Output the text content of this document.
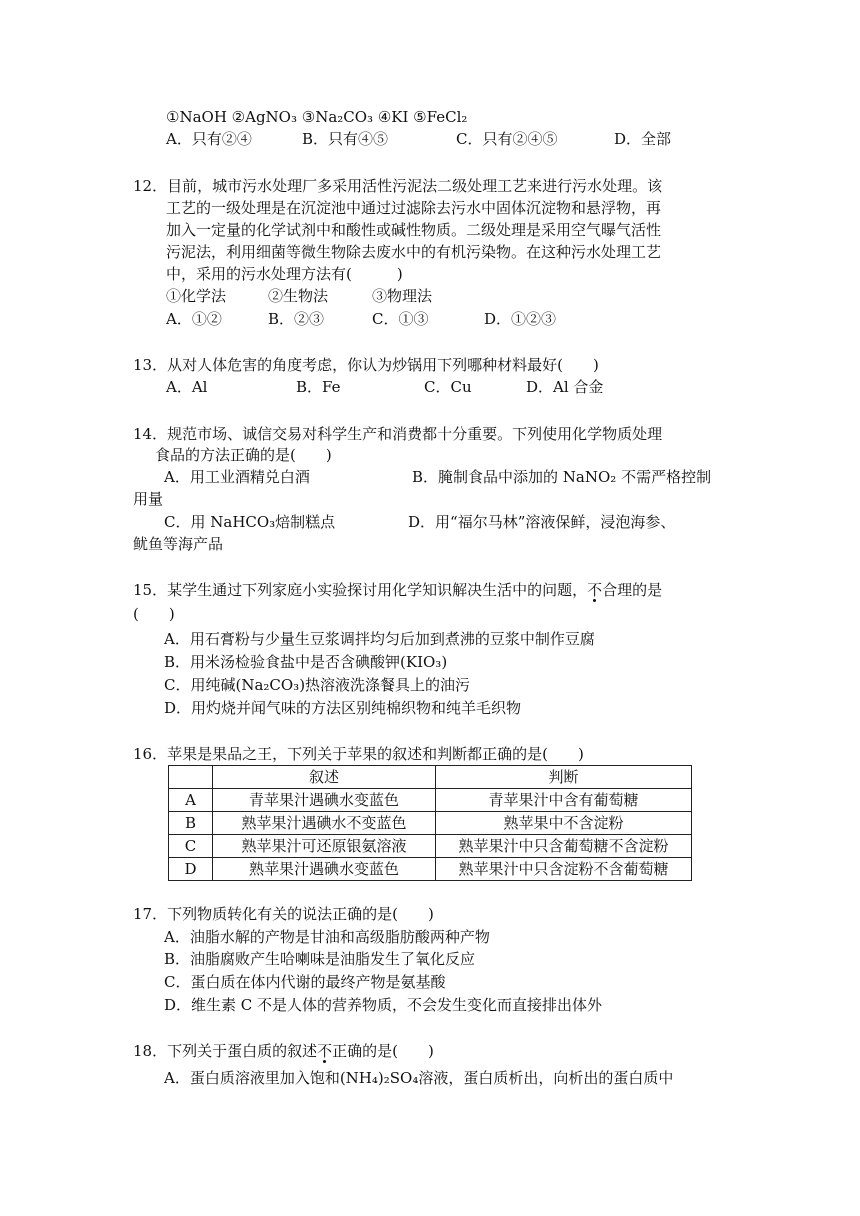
①NaOH ②AgNO₃ ③Na₂CO₃ ④KI ⑤FeCl₂
A．只有②④	B．只有④⑤	C．只有②④⑤	D．全部
12．目前，城市污水处理厂多采用活性污泥法二级处理工艺来进行污水处理。该
工艺的一级处理是在沉淀池中通过过滤除去污水中固体沉淀物和悬浮物，再
加入一定量的化学试剂中和酸性或碱性物质。二级处理是采用空气曝气活性
污泥法，利用细菌等微生物除去废水中的有机污染物。在这种污水处理工艺
中，采用的污水处理方法有(　　　)
①化学法	②生物法	③物理法
A．①②	B．②③	C．①③	D．①②③
13．从对人体危害的角度考虑，你认为炒锅用下列哪种材料最好(　　)
A．Al	B．Fe	C．Cu	D．Al 合金
14．规范市场、诚信交易对科学生产和消费都十分重要。下列使用化学物质处理
食品的方法正确的是(　　)
A．用工业酒精兑白酒	B．腌制食品中添加的 NaNO₂ 不需严格控制
用量
C．用 NaHCO₃焙制糕点	D．用“福尔马林”溶液保鲜，浸泡海参、
鱿鱼等海产品
15．某学生通过下列家庭小实验探讨用化学知识解决生活中的问题，不合理的是
(　　)
A．用石膏粉与少量生豆浆调拌均匀后加到煮沸的豆浆中制作豆腐
B．用米汤检验食盐中是否含碘酸钾(KIO₃)
C．用纯碱(Na₂CO₃)热溶液洗涤餐具上的油污
D．用灼烧并闻气味的方法区别纯棉织物和纯羊毛织物
16．苹果是果品之王，下列关于苹果的叙述和判断都正确的是(　　)
	叙述	判断
A	青苹果汁遇碘水变蓝色	青苹果汁中含有葡萄糖
B	熟苹果汁遇碘水不变蓝色	熟苹果中不含淀粉
C	熟苹果汁可还原银氨溶液	熟苹果汁中只含葡萄糖不含淀粉
D	熟苹果汁遇碘水变蓝色	熟苹果汁中只含淀粉不含葡萄糖
17．下列物质转化有关的说法正确的是(　　)
A．油脂水解的产物是甘油和高级脂肪酸两种产物
B．油脂腐败产生哈喇味是油脂发生了氧化反应
C．蛋白质在体内代谢的最终产物是氨基酸
D．维生素 C 不是人体的营养物质，不会发生变化而直接排出体外
18．下列关于蛋白质的叙述不正确的是(　　)
A．蛋白质溶液里加入饱和(NH₄)₂SO₄溶液，蛋白质析出，向析出的蛋白质中
